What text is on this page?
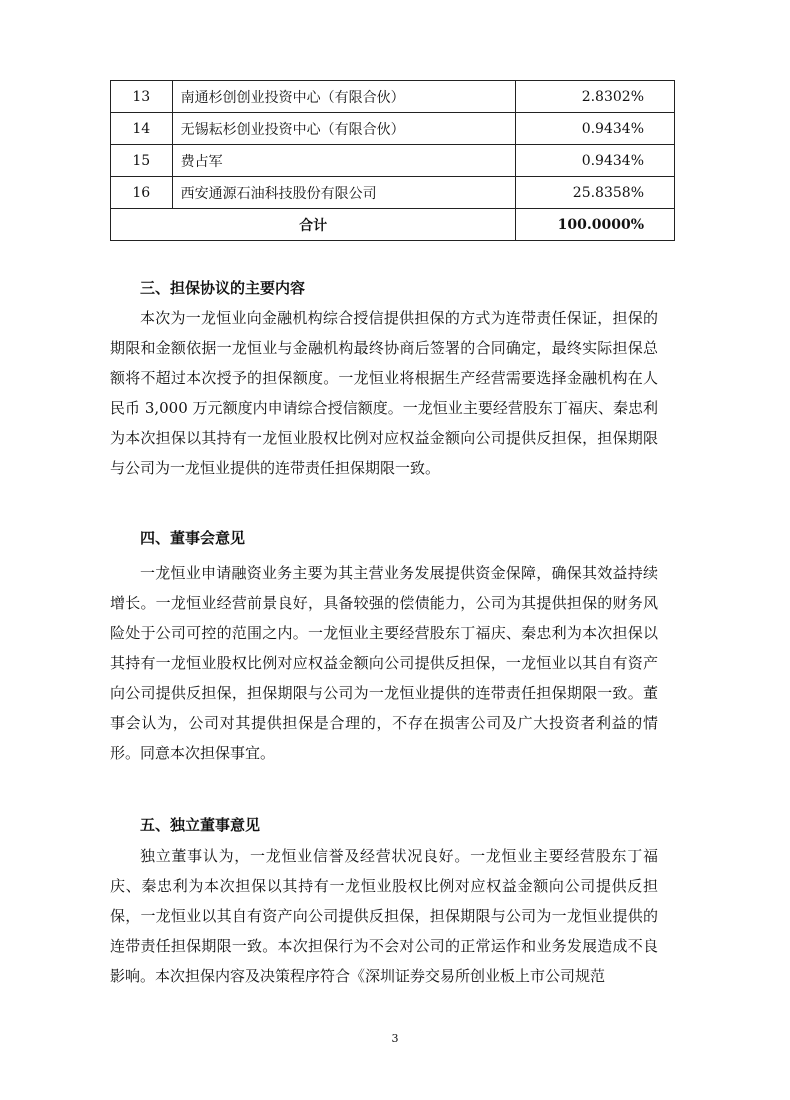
13	南通杉创创业投资中心（有限合伙）	2.8302%
14	无锡耘杉创业投资中心（有限合伙）	0.9434%
15	费占军	0.9434%
16	西安通源石油科技股份有限公司	25.8358%
合计		100.0000%
三、担保协议的主要内容

本次为一龙恒业向金融机构综合授信提供担保的方式为连带责任保证，担保的期限和金额依据一龙恒业与金融机构最终协商后签署的合同确定，最终实际担保总额将不超过本次授予的担保额度。一龙恒业将根据生产经营需要选择金融机构在人民币 3,000 万元额度内申请综合授信额度。一龙恒业主要经营股东丁福庆、秦忠利为本次担保以其持有一龙恒业股权比例对应权益金额向公司提供反担保，担保期限与公司为一龙恒业提供的连带责任担保期限一致。

四、董事会意见

一龙恒业申请融资业务主要为其主营业务发展提供资金保障，确保其效益持续增长。一龙恒业经营前景良好，具备较强的偿债能力，公司为其提供担保的财务风险处于公司可控的范围之内。一龙恒业主要经营股东丁福庆、秦忠利为本次担保以其持有一龙恒业股权比例对应权益金额向公司提供反担保，一龙恒业以其自有资产向公司提供反担保，担保期限与公司为一龙恒业提供的连带责任担保期限一致。董事会认为，公司对其提供担保是合理的，不存在损害公司及广大投资者利益的情形。同意本次担保事宜。

五、独立董事意见

独立董事认为，一龙恒业信誉及经营状况良好。一龙恒业主要经营股东丁福庆、秦忠利为本次担保以其持有一龙恒业股权比例对应权益金额向公司提供反担保，一龙恒业以其自有资产向公司提供反担保，担保期限与公司为一龙恒业提供的连带责任担保期限一致。本次担保行为不会对公司的正常运作和业务发展造成不良影响。本次担保内容及决策程序符合《深圳证券交易所创业板上市公司规范

3
